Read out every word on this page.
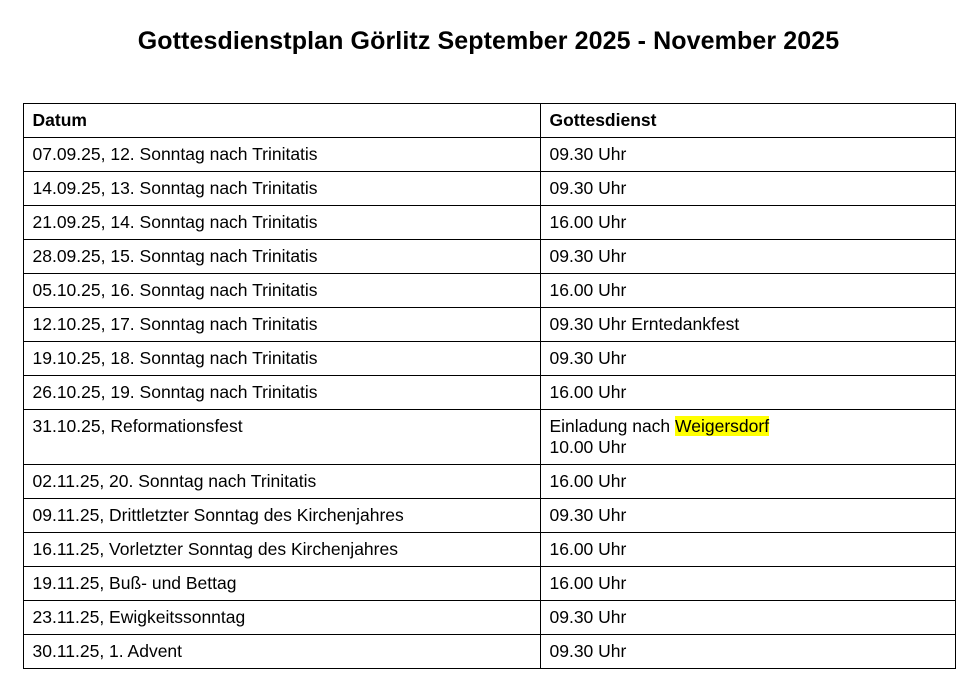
Gottesdienstplan Görlitz September 2025 - November 2025
Datum	Gottesdienst
07.09.25, 12. Sonntag nach Trinitatis	09.30 Uhr
14.09.25, 13. Sonntag nach Trinitatis	09.30 Uhr
21.09.25, 14. Sonntag nach Trinitatis	16.00 Uhr
28.09.25, 15. Sonntag nach Trinitatis	09.30 Uhr
05.10.25, 16. Sonntag nach Trinitatis	16.00 Uhr
12.10.25, 17. Sonntag nach Trinitatis	09.30 Uhr Erntedankfest
19.10.25, 18. Sonntag nach Trinitatis	09.30 Uhr
26.10.25, 19. Sonntag nach Trinitatis	16.00 Uhr
31.10.25, Reformationsfest	Einladung nach Weigersdorf
10.00 Uhr

02.11.25, 20. Sonntag nach Trinitatis	16.00 Uhr
09.11.25, Drittletzter Sonntag des Kirchenjahres	09.30 Uhr
16.11.25, Vorletzter Sonntag des Kirchenjahres	16.00 Uhr
19.11.25, Buß- und Bettag	16.00 Uhr
23.11.25, Ewigkeitssonntag	09.30 Uhr
30.11.25, 1. Advent	09.30 Uhr
